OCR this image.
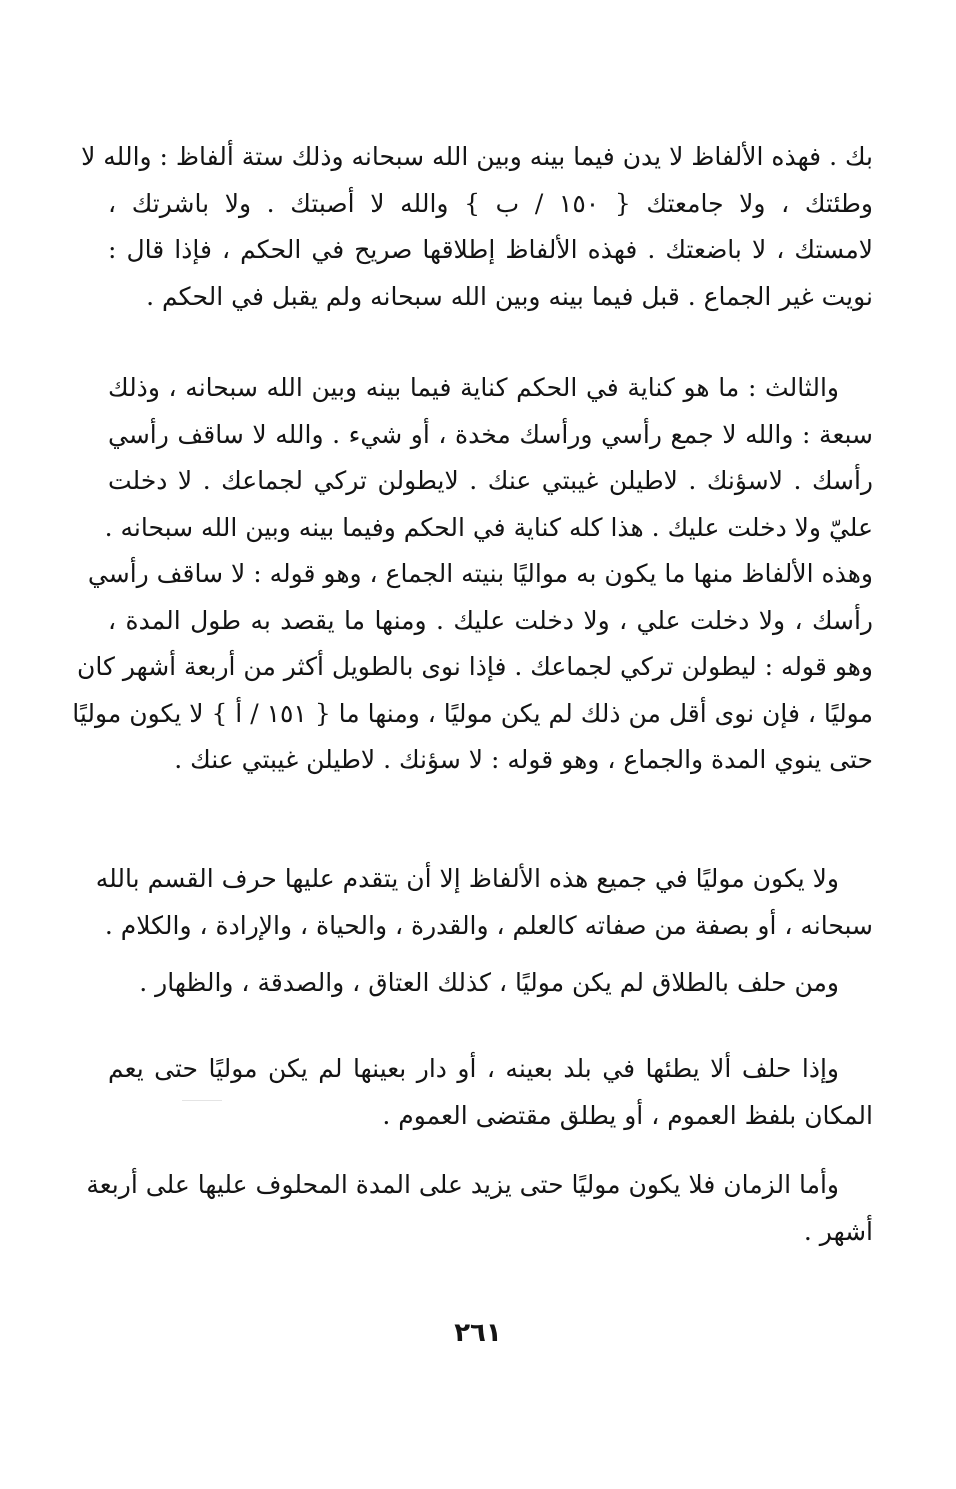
بك . فهذه الألفاظ لا يدن فيما بينه وبين الله سبحانه وذلك ستة ألفاظ : والله لا
وطئتك ، ولا جامعتك { ١٥٠ / ب } والله لا أصبتك . ولا باشرتك ،
لامستك ، لا باضعتك . فهذه الألفاظ إطلاقها صريح في الحكم ، فإذا قال :
نويت غير الجماع . قبل فيما بينه وبين الله سبحانه ولم يقبل في الحكم .
والثالث : ما هو كناية في الحكم كناية فيما بينه وبين الله سبحانه ، وذلك
سبعة : والله لا جمع رأسي ورأسك مخدة ، أو شيء . والله لا ساقف رأسي
رأسك . لاسؤنك . لاطيلن غيبتي عنك . لايطولن تركي لجماعك . لا دخلت
عليّ ولا دخلت عليك . هذا كله كناية في الحكم وفيما بينه وبين الله سبحانه .
وهذه الألفاظ منها ما يكون به مواليًا بنيته الجماع ، وهو قوله : لا ساقف رأسي
رأسك ، ولا دخلت علي ، ولا دخلت عليك . ومنها ما يقصد به طول المدة ،
وهو قوله : ليطولن تركي لجماعك . فإذا نوى بالطويل أكثر من أربعة أشهر كان
موليًا ، فإن نوى أقل من ذلك لم يكن موليًا ، ومنها ما { ١٥١ / أ } لا يكون موليًا
حتى ينوي المدة والجماع ، وهو قوله : لا سؤنك . لاطيلن غيبتي عنك .
ولا يكون موليًا في جميع هذه الألفاظ إلا أن يتقدم عليها حرف القسم بالله
سبحانه ، أو بصفة من صفاته كالعلم ، والقدرة ، والحياة ، والإرادة ، والكلام .
ومن حلف بالطلاق لم يكن موليًا ، كذلك العتاق ، والصدقة ، والظهار .
وإذا حلف ألا يطئها في بلد بعينه ، أو دار بعينها لم يكن موليًا حتى يعم
المكان بلفظ العموم ، أو يطلق مقتضى العموم .
وأما الزمان فلا يكون موليًا حتى يزيد على المدة المحلوف عليها على أربعة
أشهر .
٢٦١
